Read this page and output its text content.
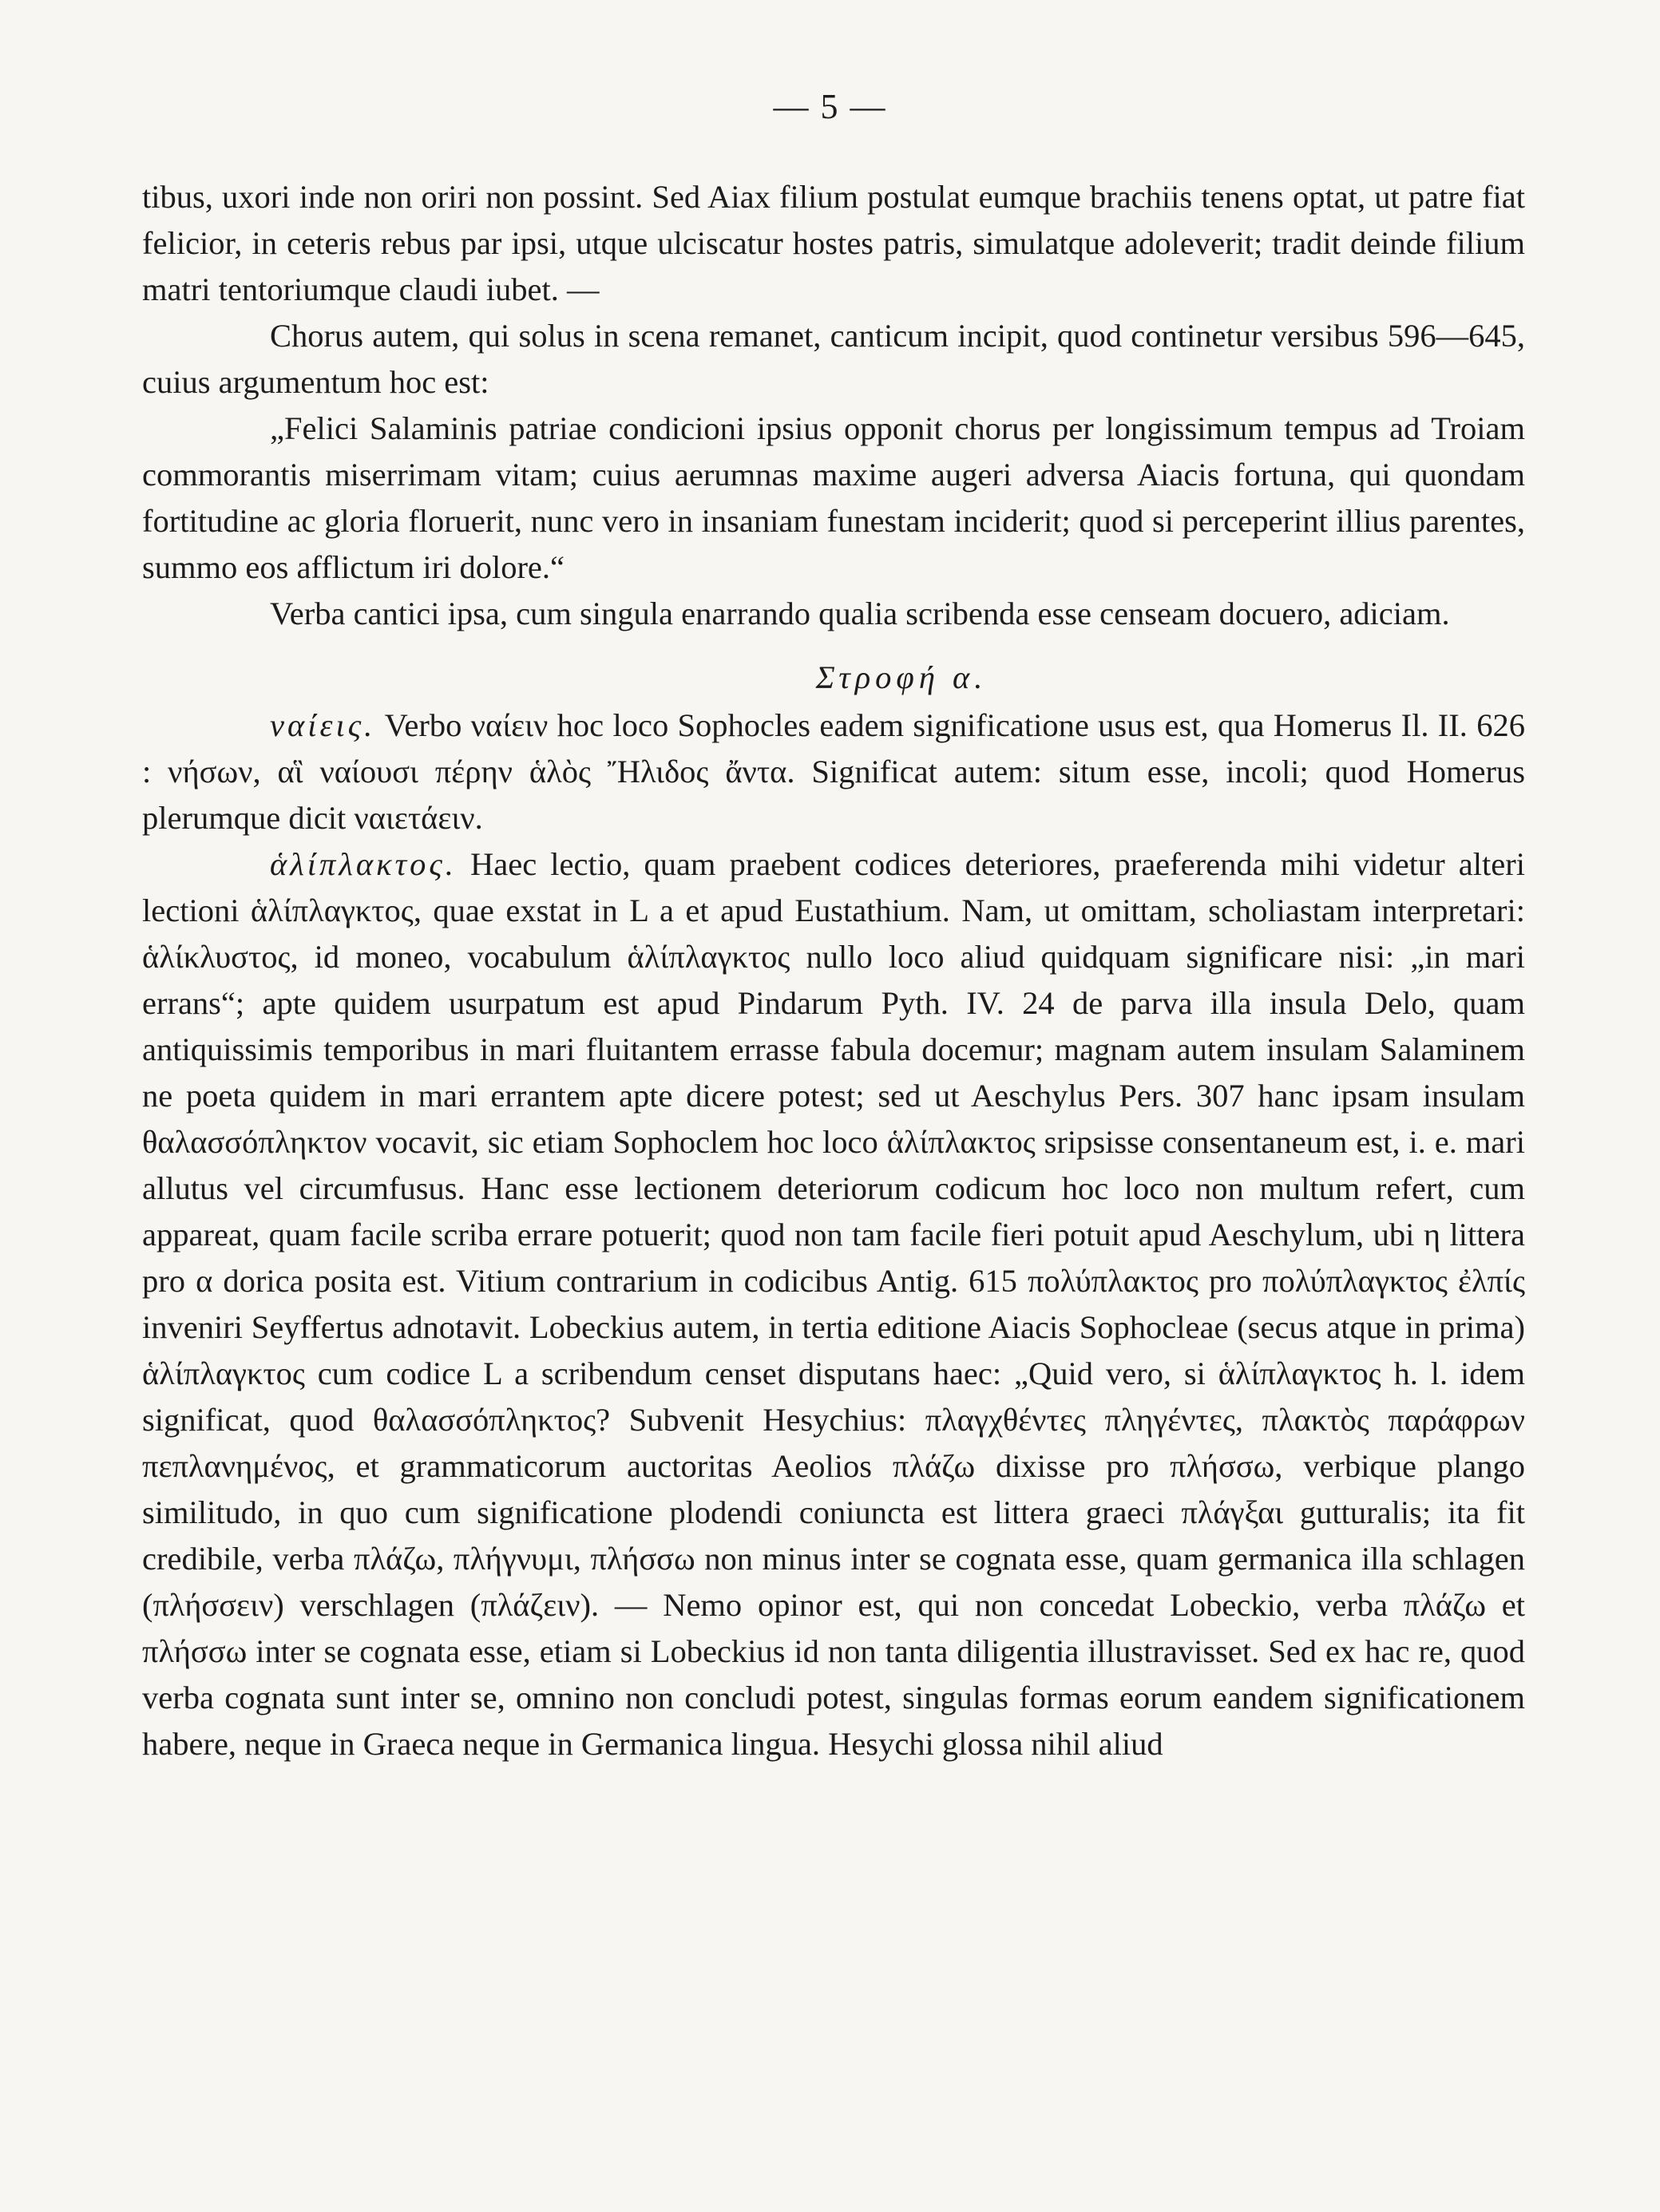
— 5 —

tibus, uxori inde non oriri non possint. Sed Aiax filium postulat eumque brachiis tenens optat, ut patre fiat felicior, in ceteris rebus par ipsi, utque ulciscatur hostes patris, simulatque adoleverit; tradit deinde filium matri tentoriumque claudi iubet. —

Chorus autem, qui solus in scena remanet, canticum incipit, quod continetur versibus 596—645, cuius argumentum hoc est:

„Felici Salaminis patriae condicioni ipsius opponit chorus per longissimum tempus ad Troiam commorantis miserrimam vitam; cuius aerumnas maxime augeri adversa Aiacis fortuna, qui quondam fortitudine ac gloria floruerit, nunc vero in insaniam funestam inciderit; quod si perceperint illius parentes, summo eos afflictum iri dolore.“

Verba cantici ipsa, cum singula enarrando qualia scribenda esse censeam docuero, adiciam.

Στροφή α.

ναίεις. Verbo ναίειν hoc loco Sophocles eadem significatione usus est, qua Homerus Il. II. 626 : νήσων, αἳ ναίουσι πέρην ἁλὸς Ἤλιδος ἄντα. Significat autem: situm esse, incoli; quod Homerus plerumque dicit ναιετάειν.

ἁλίπλακτος. Haec lectio, quam praebent codices deteriores, praeferenda mihi videtur alteri lectioni ἁλίπλαγκτος, quae exstat in L a et apud Eustathium. Nam, ut omittam, scholiastam interpretari: ἁλίκλυστος, id moneo, vocabulum ἁλίπλαγκτος nullo loco aliud quidquam significare nisi: „in mari errans“; apte quidem usurpatum est apud Pindarum Pyth. IV. 24 de parva illa insula Delo, quam antiquissimis temporibus in mari fluitantem errasse fabula docemur; magnam autem insulam Salaminem ne poeta quidem in mari errantem apte dicere potest; sed ut Aeschylus Pers. 307 hanc ipsam insulam θαλασσόπληκτον vocavit, sic etiam Sophoclem hoc loco ἁλίπλακτος sripsisse consentaneum est, i. e. mari allutus vel circumfusus. Hanc esse lectionem deteriorum codicum hoc loco non multum refert, cum appareat, quam facile scriba errare potuerit; quod non tam facile fieri potuit apud Aeschylum, ubi η littera pro α dorica posita est. Vitium contrarium in codicibus Antig. 615 πολύπλακτος pro πολύπλαγκτος ἐλπίς inveniri Seyffertus adnotavit. Lobeckius autem, in tertia editione Aiacis Sophocleae (secus atque in prima) ἁλίπλαγκτος cum codice L a scribendum censet disputans haec: „Quid vero, si ἁλίπλαγκτος h. l. idem significat, quod θαλασσόπληκτος? Subvenit Hesychius: πλαγχθέντες πληγέντες, πλακτὸς παράφρων πεπλανημένος, et grammaticorum auctoritas Aeolios πλάζω dixisse pro πλήσσω, verbique plango similitudo, in quo cum significatione plodendi coniuncta est littera graeci πλάγξαι gutturalis; ita fit credibile, verba πλάζω, πλήγνυμι, πλήσσω non minus inter se cognata esse, quam germanica illa schlagen (πλήσσειν) verschlagen (πλάζειν). — Nemo opinor est, qui non concedat Lobeckio, verba πλάζω et πλήσσω inter se cognata esse, etiam si Lobeckius id non tanta diligentia illustravisset. Sed ex hac re, quod verba cognata sunt inter se, omnino non concludi potest, singulas formas eorum eandem significationem habere, neque in Graeca neque in Germanica lingua. Hesychi glossa nihil aliud
